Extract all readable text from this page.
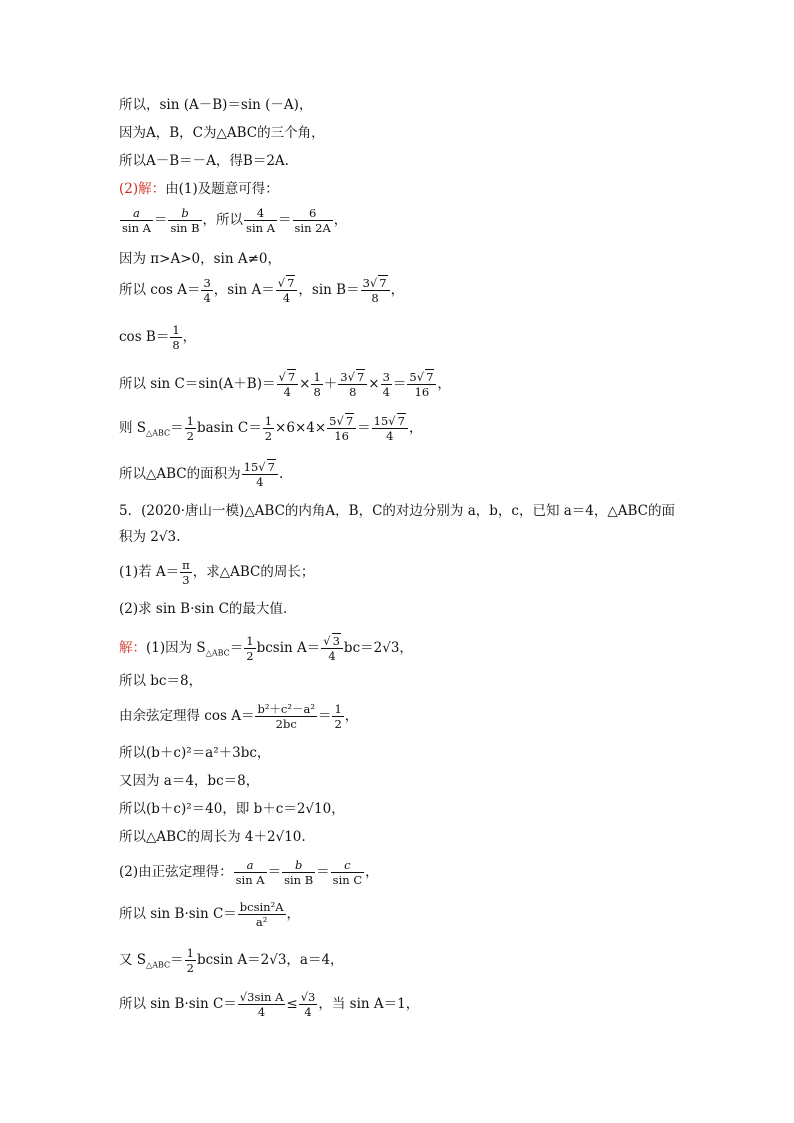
所以，sin (A－B)＝sin (－A)，
因为A，B，C为△ABC的三个角，
所以A－B＝－A，得B＝2A.
(2)解：由(1)及题意可得：
$\frac{a}{\text{sin A}} = \frac{b}{\text{sin B}}$ ，所以 $\frac{4}{\text{sin A}} = \frac{6}{\sin 2A}$ ，
因为 π>A>0，sin A≠0，
所以 $\cos A= \frac{3}{4}$ ，$\sin A= \frac{√ 7}{4}$ ，$\sin B= \frac{3√ 7}{8}$ ，
$\cos B= \frac{1}{8}$ ，
所以 $\sin C=\sin(A+B)= \frac{√ 7}{4} \times \frac{1}{8} + \frac{3√ 7}{8} \times \frac{3}{4} = \frac{5√ 7}{16}$ ，
则 $S_{\triangle ABC}= \frac{1}{2}$ basin $C= \frac{1}{2} \times 6\times 4\times \frac{5√ 7}{16} = \frac{15√ 7}{4}$ ，
所以△ABC的面积为 $\frac{15√ 7}{4}$ .
5．(2020·唐山一模)△ABC的内角A，B，C的对边分别为 a，b，c，已知 a＝4，△ABC的面
积为 2√3.
(1)若 $A= \frac{\pi}{3}$ ，求△ABC的周长；
(2)求 sin B·sin C的最大值.
解：(1)因为 $S_{\triangle ABC}= \frac{1}{2}$ bcsin $A= \frac{√ 3}{4} bc=2√3$，
所以 bc＝8，
由余弦定理得 $\cos A= \frac{\text{b²＋c²－a²}}{2bc} = \frac{1}{2}$ ，
所以(b＋c)²＝a²＋3bc，
又因为 a＝4，bc＝8，
所以(b＋c)²＝40，即 b＋c＝2√10，
所以△ABC的周长为 4＋2√10.
(2)由正弦定理得： $\frac{a}{\text{sin A}} = \frac{b}{\text{sin B}} = \frac{c}{\text{sin C}}$ ，
所以 sin B·sin $C= \frac{\text{bcsin²A}}{\text{a²}}$ ，
又 $S_{\triangle ABC}= \frac{1}{2}$ bcsin A＝2√3，a＝4，
所以 sin B·sin $C= \frac{\text{√3sin A}}{4} \le \frac{√3}{4}$ ，当 sin A＝1，
